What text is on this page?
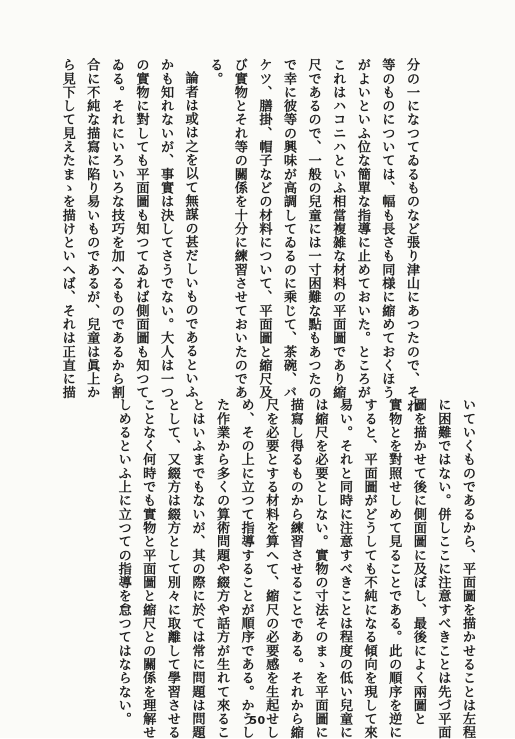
分の一になつてゐるものなど張り津山にあつたので、それ
等のものについては、幅も長さも同様に縮めておくほう
がよいといふ位な簡單な指導に止めておいた。ところが
これはハコニハといふ相當複雑な材料の平面圖であり縮
尺であるので、一般の兒童には一寸困難な點もあつたの
で幸に彼等の興味が高調してゐるのに乘じて、茶碗、バ
ケツ、膳掛、帽子などの材料について、平面圖と縮尺及
び實物とそれ等の關係を十分に練習させておいたのであ
る。
論者は或は之を以て無謀の甚だしいものであるといふ
かも知れないが、事實は決してさうでない。大人は一つ
の實物に對しても平面圖も知つてゐれば側面圖も知つて
ゐる。それにいろいろな技巧を加へるものであるから割
合に不純な描寫に陷り易いものであるが、兒童は眞上か
ら見下して見えたまゝを描けといへば、それは正直に描
いていくものであるから、平面圖を描かせることは左程
に困難ではない。併しここに注意すべきことは先づ平面
圖を描かせて後に側面圖に及ぼし、最後によく兩圖と
實物とを對照せしめて見ることである。此の順序を逆に
すると、平面圖がどうしても不純になる傾向を現して來
易い。それと同時に注意すべきことは程度の低い兒童に
は縮尺を必要としない。實物の寸法そのまゝを平面圖に
描寫し得るものから練習させることである。それから縮
尺を必要とする材料を算へて、縮尺の必要感を生起せし
め、その上に立つて指導することが順序である。かうし
た作業から多くの算術問題や綴方や話方が生れて來るこ
とはいふまでもないが、其の際に於ては常に問題は問題
として、又綴方は綴方として別々に取離して學習させる
ことなく何時でも實物と平面圖と縮尺との關係を理解せ
しめるといふ上に立つての指導を怠つてはならない。	50
